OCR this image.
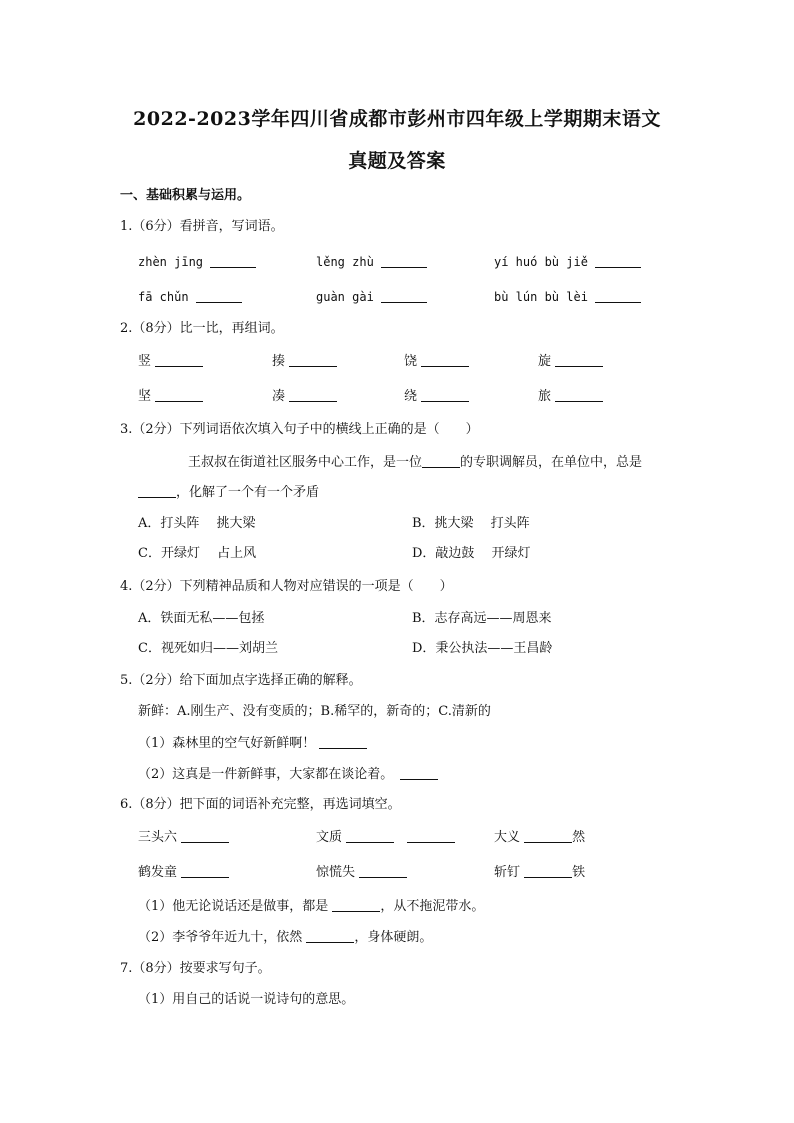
2022-2023学年四川省成都市彭州市四年级上学期期末语文
真题及答案
一、基础积累与运用。
1.（6分）看拼音，写词语。
zhèn jīng	lěng zhù	yí huó bù jiě
fā chǔn	guàn gài	bù lún bù lèi
2.（8分）比一比，再组词。
竖	揍	饶	旋
坚	凑	绕	旅
3.（2分）下列词语依次填入句子中的横线上正确的是（　　）
王叔叔在街道社区服务中心工作，是一位	的专职调解员，在单位中，总是
，化解了一个有一个矛盾
A．打头阵　 挑大梁	B．挑大梁　 打头阵
C．开绿灯　 占上风	D．敲边鼓　 开绿灯
4.（2分）下列精神品质和人物对应错误的一项是（　　）
A．铁面无私——包拯	B．志存高远——周恩来
C．视死如归——刘胡兰	D．秉公执法——王昌龄
5.（2分）给下面加点字选择正确的解释。
新鲜：A.刚生产、没有变质的；B.稀罕的，新奇的；C.清新的
（1）森林里的空气好新鲜啊！
（2）这真是一件新鲜事，大家都在谈论着。　
6.（8分）把下面的词语补充完整，再选词填空。
三头六	文质	大义	然
鹤发童	惊慌失	斩钉	铁
（1）他无论说话还是做事，都是	，从不拖泥带水。
（2）李爷爷年近九十，依然	，身体硬朗。
7.（8分）按要求写句子。
（1）用自己的话说一说诗句的意思。
